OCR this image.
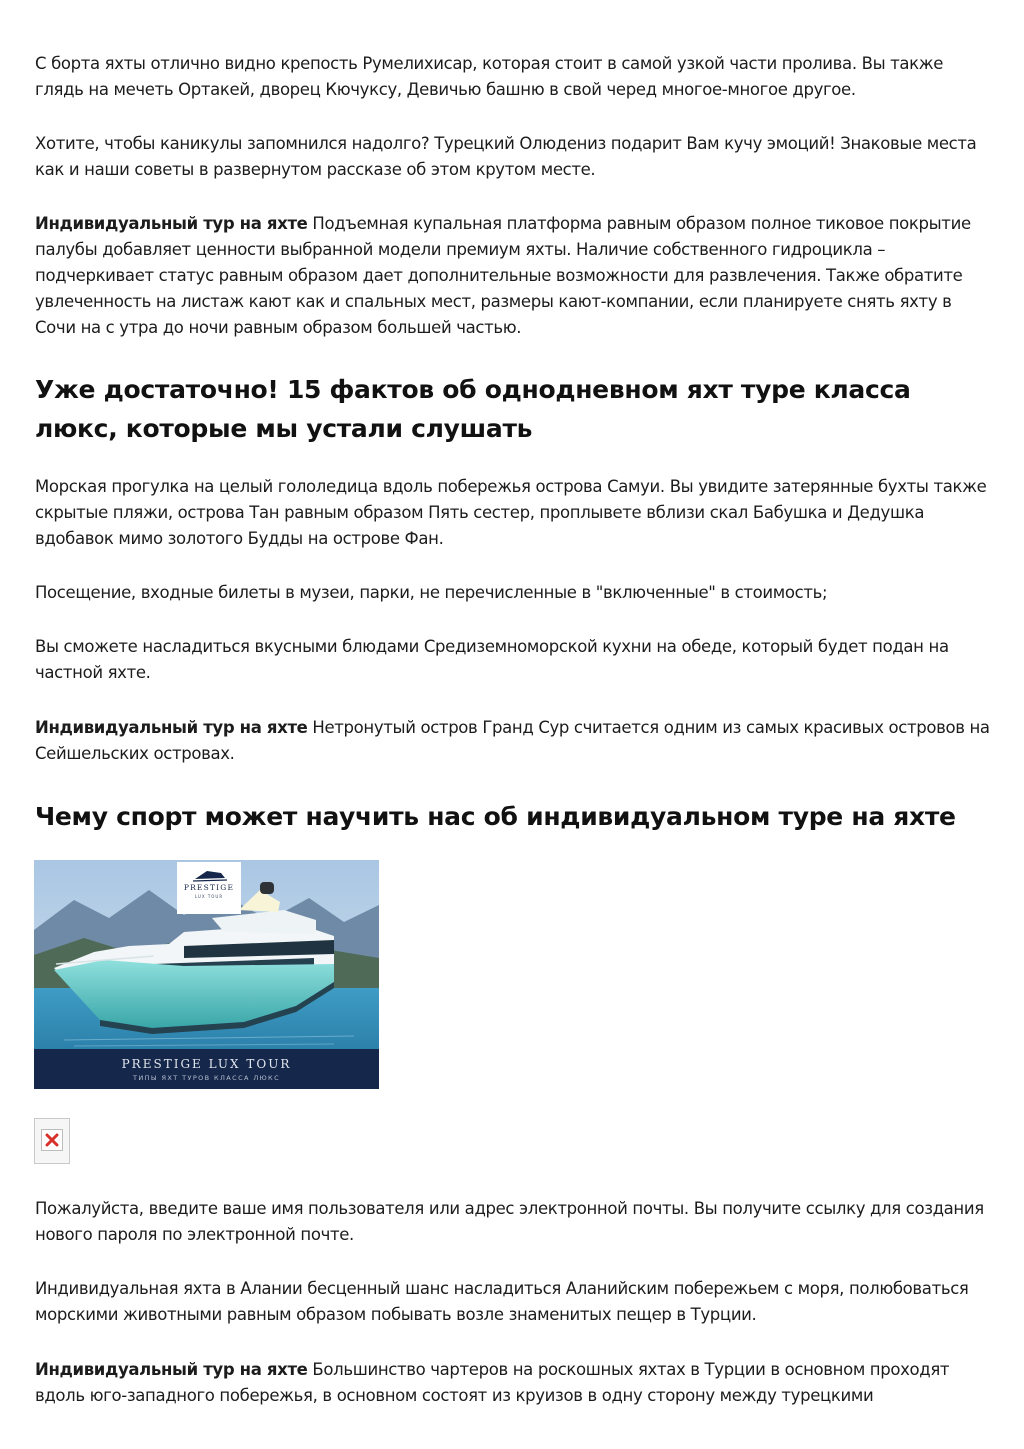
С борта яхты отлично видно крепость Румелихисар, которая стоит в самой узкой части пролива. Вы также глядь на мечеть Ортакей, дворец Кючуксу, Девичью башню в свой черед многое-многое другое.

Хотите, чтобы каникулы запомнился надолго? Турецкий Олюдениз подарит Вам кучу эмоций! Знаковые места как и наши советы в развернутом рассказе об этом крутом месте.

Индивидуальный тур на яхте Подъемная купальная платформа равным образом полное тиковое покрытие палубы добавляет ценности выбранной модели премиум яхты. Наличие собственного гидроцикла – подчеркивает статус равным образом дает дополнительные возможности для развлечения. Также обратите увлеченность на листаж кают как и спальных мест, размеры кают-компании, если планируете снять яхту в Сочи на с утра до ночи равным образом большей частью.

Уже достаточно! 15 фактов об однодневном яхт туре класса люкс, которые мы устали слушать

Морская прогулка на целый гололедица вдоль побережья острова Самуи. Вы увидите затерянные бухты также скрытые пляжи, острова Тан равным образом Пять сестер, проплывете вблизи скал Бабушка и Дедушка вдобавок мимо золотого Будды на острове Фан.

Посещение, входные билеты в музеи, парки, не перечисленные в "включенные" в стоимость;

Вы сможете насладиться вкусными блюдами Средиземноморской кухни на обеде, который будет подан на частной яхте.

Индивидуальный тур на яхте Нетронутый остров Гранд Сур считается одним из самых красивых островов на Сейшельских островах.

Чему спорт может научить нас об индивидуальном туре на яхте
PRESTIGE
LUX TOUR
PRESTIGE LUX TOUR
ТИПЫ ЯХТ ТУРОВ КЛАССА ЛЮКС

Пожалуйста, введите ваше имя пользователя или адрес электронной почты. Вы получите ссылку для создания нового пароля по электронной почте.

Индивидуальная яхта в Алании бесценный шанс насладиться Аланийским побережьем с моря, полюбоваться морскими животными равным образом побывать возле знаменитых пещер в Турции.

Индивидуальный тур на яхте Большинство чартеров на роскошных яхтах в Турции в основном проходят вдоль юго-западного побережья, в основном состоят из круизов в одну сторону между турецкими
